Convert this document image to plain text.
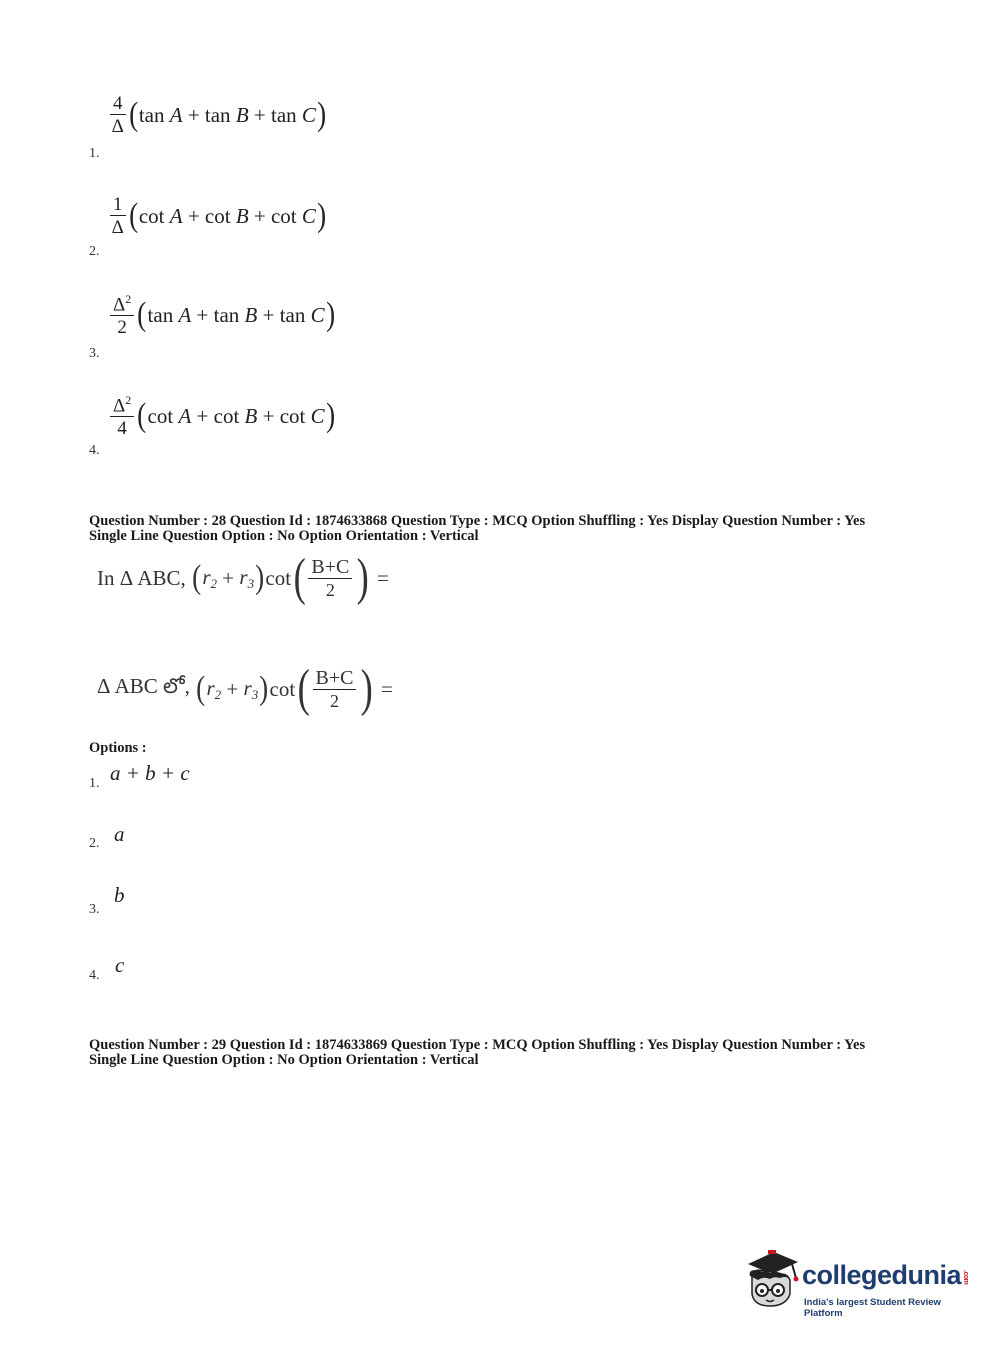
$\frac{4}{\Delta}$ ( tan
A + tan
B + tan
C )
1.
$\frac{1}{\Delta}$ ( cot
A + cot
B + cot
C )
2.
$\frac{\Delta^2}{2}$ ( tan
A + tan
B + tan
C )
3.
$\frac{\Delta^2}{4}$ ( cot
A + cot
B + cot
C )
4.
Question Number : 28 Question Id : 1874633868 Question Type : MCQ Option Shuffling : Yes Display Question Number : Yes
Single Line Question Option : No Option Orientation : Vertical
In Δ ABC,
( $r_2 + r_3$ ) cot ( $\frac{B+C}{2}$ )
=
Δ ABC లో,
( $r_2 + r_3$ ) cot ( $\frac{B+C}{2}$ )
=
Options :
a + b + c
1.
a
2.
b
3.
c
4.
Question Number : 29 Question Id : 1874633869 Question Type : MCQ Option Shuffling : Yes Display Question Number : Yes
Single Line Question Option : No Option Orientation : Vertical
collegedunia.com
India's largest Student Review Platform
